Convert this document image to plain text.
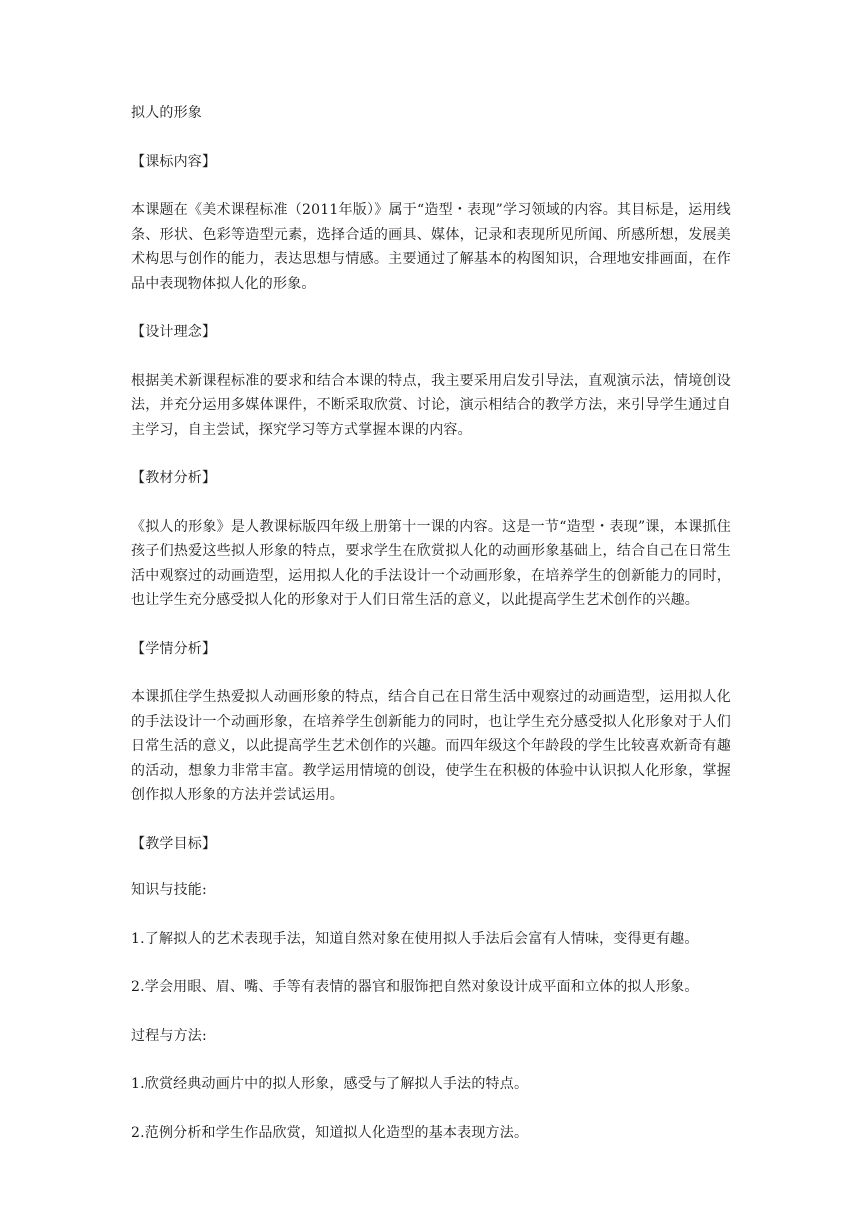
拟人的形象

【课标内容】

本课题在《美术课程标准（2011年版）》属于“造型・表现”学习领域的内容。其目标是，运用线条、形状、色彩等造型元素，选择合适的画具、媒体，记录和表现所见所闻、所感所想，发展美术构思与创作的能力，表达思想与情感。主要通过了解基本的构图知识，合理地安排画面，在作品中表现物体拟人化的形象。

【设计理念】

根据美术新课程标准的要求和结合本课的特点，我主要采用启发引导法，直观演示法，情境创设法，并充分运用多媒体课件，不断采取欣赏、讨论，演示相结合的教学方法，来引导学生通过自主学习，自主尝试，探究学习等方式掌握本课的内容。

【教材分析】

《拟人的形象》是人教课标版四年级上册第十一课的内容。这是一节“造型・表现”课，本课抓住孩子们热爱这些拟人形象的特点，要求学生在欣赏拟人化的动画形象基础上，结合自己在日常生活中观察过的动画造型，运用拟人化的手法设计一个动画形象，在培养学生的创新能力的同时，也让学生充分感受拟人化的形象对于人们日常生活的意义，以此提高学生艺术创作的兴趣。

【学情分析】

本课抓住学生热爱拟人动画形象的特点，结合自己在日常生活中观察过的动画造型，运用拟人化的手法设计一个动画形象，在培养学生创新能力的同时，也让学生充分感受拟人化形象对于人们日常生活的意义，以此提高学生艺术创作的兴趣。而四年级这个年龄段的学生比较喜欢新奇有趣的活动，想象力非常丰富。教学运用情境的创设，使学生在积极的体验中认识拟人化形象，掌握创作拟人形象的方法并尝试运用。

【教学目标】

知识与技能:

1.了解拟人的艺术表现手法，知道自然对象在使用拟人手法后会富有人情味，变得更有趣。

2.学会用眼、眉、嘴、手等有表情的器官和服饰把自然对象设计成平面和立体的拟人形象。

过程与方法:

1.欣赏经典动画片中的拟人形象，感受与了解拟人手法的特点。

2.范例分析和学生作品欣赏，知道拟人化造型的基本表现方法。
